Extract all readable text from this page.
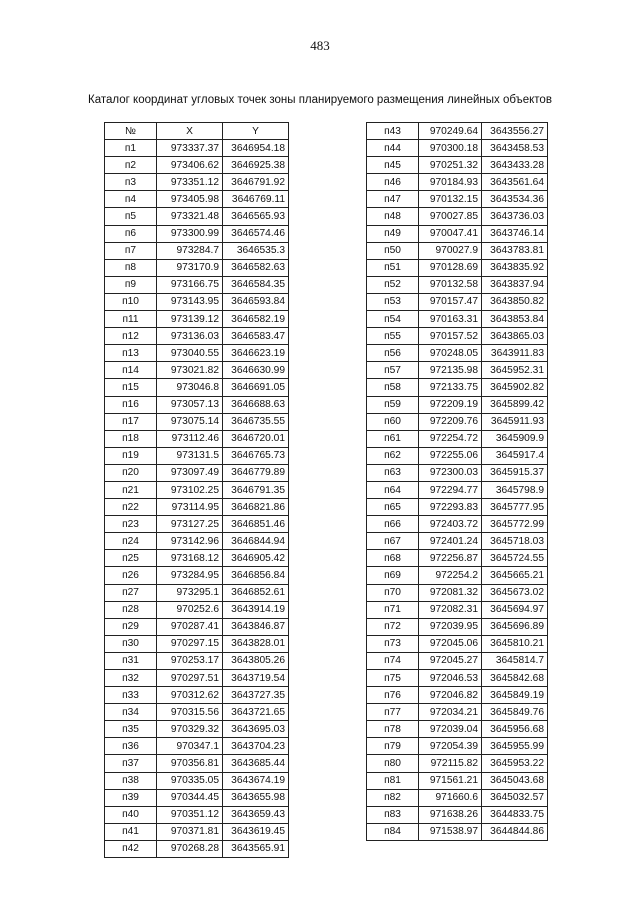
483
Каталог координат угловых точек зоны планируемого размещения линейных объектов
№	X	Y
п1	973337.37	3646954.18
п2	973406.62	3646925.38
п3	973351.12	3646791.92
п4	973405.98	3646769.11
п5	973321.48	3646565.93
п6	973300.99	3646574.46
п7	973284.7	3646535.3
п8	973170.9	3646582.63
п9	973166.75	3646584.35
п10	973143.95	3646593.84
п11	973139.12	3646582.19
п12	973136.03	3646583.47
п13	973040.55	3646623.19
п14	973021.82	3646630.99
п15	973046.8	3646691.05
п16	973057.13	3646688.63
п17	973075.14	3646735.55
п18	973112.46	3646720.01
п19	973131.5	3646765.73
п20	973097.49	3646779.89
п21	973102.25	3646791.35
п22	973114.95	3646821.86
п23	973127.25	3646851.46
п24	973142.96	3646844.94
п25	973168.12	3646905.42
п26	973284.95	3646856.84
п27	973295.1	3646852.61
п28	970252.6	3643914.19
п29	970287.41	3643846.87
п30	970297.15	3643828.01
п31	970253.17	3643805.26
п32	970297.51	3643719.54
п33	970312.62	3643727.35
п34	970315.56	3643721.65
п35	970329.32	3643695.03
п36	970347.1	3643704.23
п37	970356.81	3643685.44
п38	970335.05	3643674.19
п39	970344.45	3643655.98
п40	970351.12	3643659.43
п41	970371.81	3643619.45
п42	970268.28	3643565.91
п43	970249.64	3643556.27
п44	970300.18	3643458.53
п45	970251.32	3643433.28
п46	970184.93	3643561.64
п47	970132.15	3643534.36
п48	970027.85	3643736.03
п49	970047.41	3643746.14
п50	970027.9	3643783.81
п51	970128.69	3643835.92
п52	970132.58	3643837.94
п53	970157.47	3643850.82
п54	970163.31	3643853.84
п55	970157.52	3643865.03
п56	970248.05	3643911.83
п57	972135.98	3645952.31
п58	972133.75	3645902.82
п59	972209.19	3645899.42
п60	972209.76	3645911.93
п61	972254.72	3645909.9
п62	972255.06	3645917.4
п63	972300.03	3645915.37
п64	972294.77	3645798.9
п65	972293.83	3645777.95
п66	972403.72	3645772.99
п67	972401.24	3645718.03
п68	972256.87	3645724.55
п69	972254.2	3645665.21
п70	972081.32	3645673.02
п71	972082.31	3645694.97
п72	972039.95	3645696.89
п73	972045.06	3645810.21
п74	972045.27	3645814.7
п75	972046.53	3645842.68
п76	972046.82	3645849.19
п77	972034.21	3645849.76
п78	972039.04	3645956.68
п79	972054.39	3645955.99
п80	972115.82	3645953.22
п81	971561.21	3645043.68
п82	971660.6	3645032.57
п83	971638.26	3644833.75
п84	971538.97	3644844.86
